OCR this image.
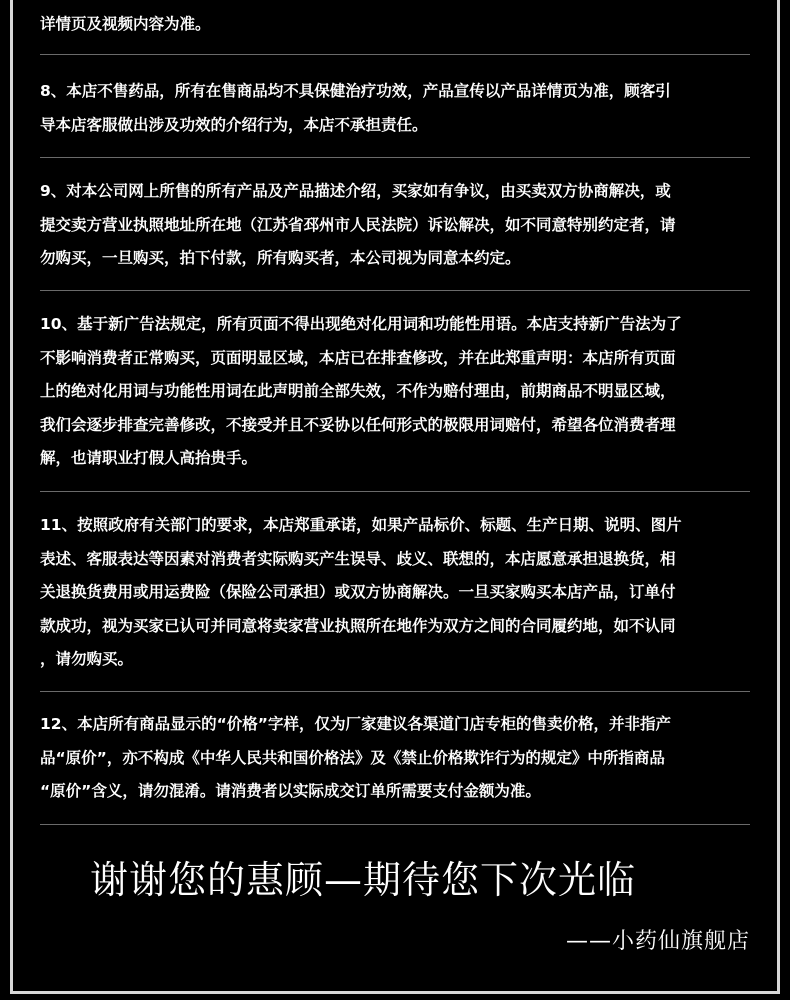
详情页及视频内容为准。

8、本店不售药品，所有在售商品均不具保健治疗功效，产品宣传以产品详情页为准，顾客引

导本店客服做出涉及功效的介绍行为，本店不承担责任。

9、对本公司网上所售的所有产品及产品描述介绍，买家如有争议，由买卖双方协商解决，或

提交卖方营业执照地址所在地（江苏省邳州市人民法院）诉讼解决，如不同意特别约定者，请

勿购买，一旦购买，拍下付款，所有购买者，本公司视为同意本约定。

10、基于新广告法规定，所有页面不得出现绝对化用词和功能性用语。本店支持新广告法为了

不影响消费者正常购买，页面明显区域，本店已在排查修改，并在此郑重声明：本店所有页面

上的绝对化用词与功能性用词在此声明前全部失效，不作为赔付理由，前期商品不明显区域，

我们会逐步排查完善修改，不接受并且不妥协以任何形式的极限用词赔付，希望各位消费者理

解，也请职业打假人高抬贵手。

11、按照政府有关部门的要求，本店郑重承诺，如果产品标价、标题、生产日期、说明、图片

表述、客服表达等因素对消费者实际购买产生误导、歧义、联想的，本店愿意承担退换货，相

关退换货费用或用运费险（保险公司承担）或双方协商解决。一旦买家购买本店产品，订单付

款成功，视为买家已认可并同意将卖家营业执照所在地作为双方之间的合同履约地，如不认同

，请勿购买。

12、本店所有商品显示的“价格”字样，仅为厂家建议各渠道门店专柜的售卖价格，并非指产

品“原价”，亦不构成《中华人民共和国价格法》及《禁止价格欺诈行为的规定》中所指商品

“原价”含义，请勿混淆。请消费者以实际成交订单所需要支付金额为准。

谢谢您的惠顾—期待您下次光临
——小药仙旗舰店
